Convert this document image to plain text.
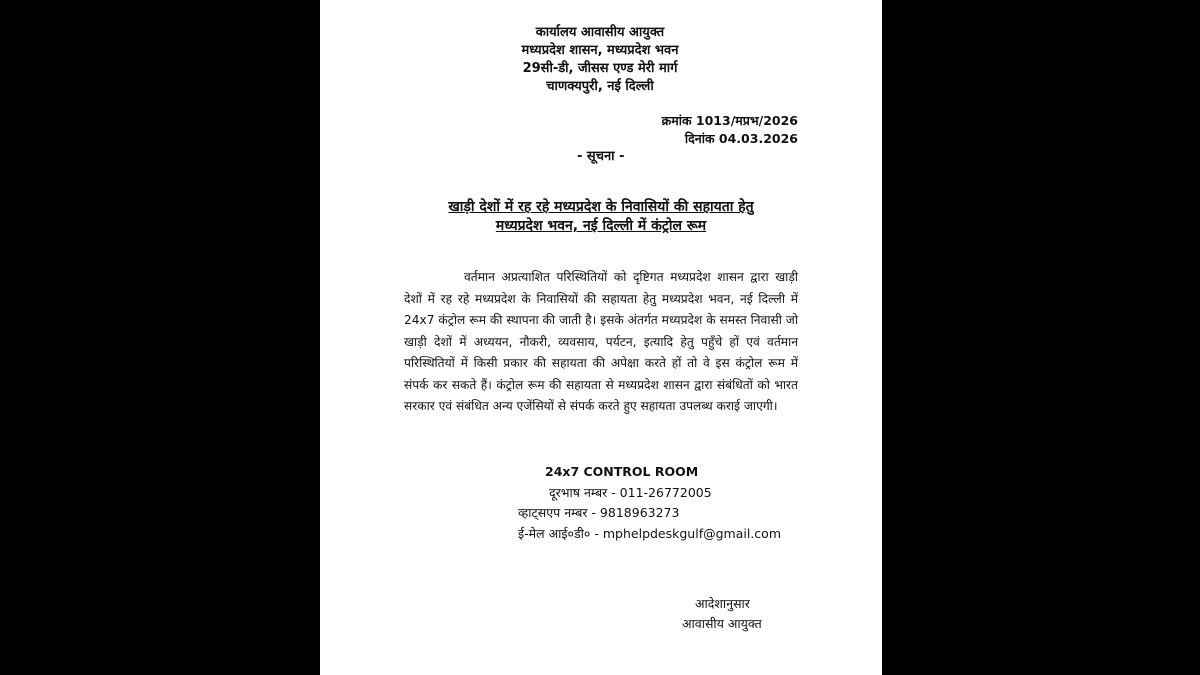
कार्यालय आवासीय आयुक्त
मध्यप्रदेश शासन, मध्यप्रदेश भवन
29सी-डी, जीसस एण्ड मेरी मार्ग
चाणक्यपुरी, नई दिल्ली
क्रमांक 1013/मप्रभ/2026
दिनांक 04.03.2026
- सूचना -
खाड़ी देशों में रह रहे मध्यप्रदेश के निवासियों की सहायता हेतु
मध्यप्रदेश भवन, नई दिल्ली में कंट्रोल रूम
वर्तमान अप्रत्याशित परिस्थितियों को दृष्टिगत मध्यप्रदेश शासन द्वारा खाड़ी देशों में रह रहे मध्यप्रदेश के निवासियों की सहायता हेतु मध्यप्रदेश भवन, नई दिल्ली में 24x7 कंट्रोल रूम की स्थापना की जाती है। इसके अंतर्गत मध्यप्रदेश के समस्त निवासी जो खाड़ी देशों में अध्ययन, नौकरी, व्यवसाय, पर्यटन, इत्यादि हेतु पहुँचे हों एवं वर्तमान परिस्थितियों में किसी प्रकार की सहायता की अपेक्षा करते हों तो वे इस कंट्रोल रूम में संपर्क कर सकते हैं। कंट्रोल रूम की सहायता से मध्यप्रदेश शासन द्वारा संबंधितों को भारत सरकार एवं संबंधित अन्य एजेंसियों से संपर्क करते हुए सहायता उपलब्ध कराई जाएगी।
24x7 CONTROL ROOM
दूरभाष नम्बर - 011-26772005
व्हाट्सएप नम्बर - 9818963273
ई-मेल आई०डी० - mphelpdeskgulf@gmail.com
आदेशानुसार
आवासीय आयुक्त
